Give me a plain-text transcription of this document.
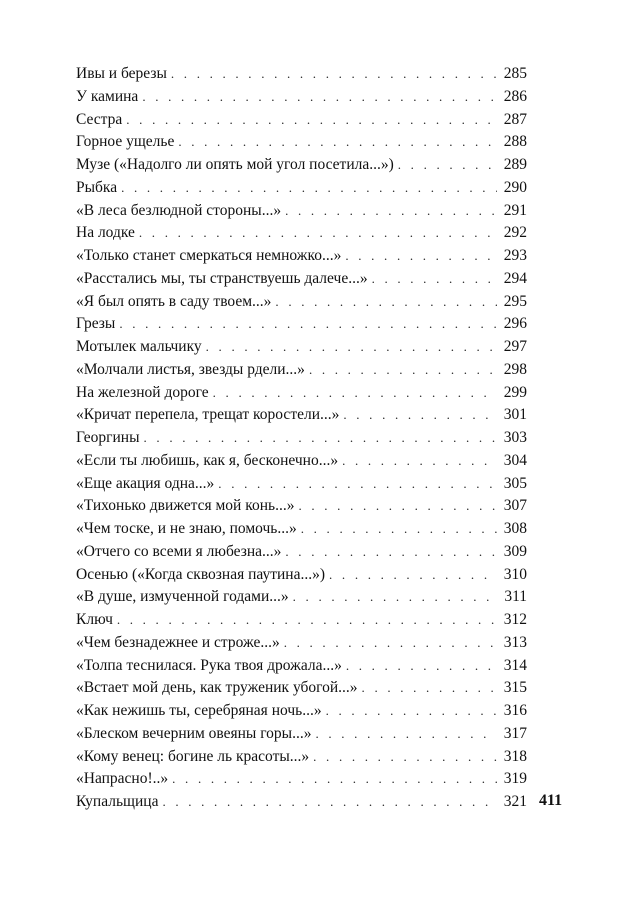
Ивы и березы . . .	285
У камина . . .	286
Сестра . . .	287
Горное ущелье . . .	288
Музе («Надолго ли опять мой угол посетила...») . . .	289
Рыбка . . .	290
«В леса безлюдной стороны...» . . .	291
На лодке . . .	292
«Только станет смеркаться немножко...» . . .	293
«Расстались мы, ты странствуешь далече...» . . .	294
«Я был опять в саду твоем...» . . .	295
Грезы . . .	296
Мотылек мальчику . . .	297
«Молчали листья, звезды рдели...» . . .	298
На железной дороге . . .	299
«Кричат перепела, трещат коростели...» . . .	301
Георгины . . .	303
«Если ты любишь, как я, бесконечно...» . . .	304
«Еще акация одна...» . . .	305
«Тихонько движется мой конь...» . . .	307
«Чем тоске, и не знаю, помочь...» . . .	308
«Отчего со всеми я любезна...» . . .	309
Осенью («Когда сквозная паутина...») . . .	310
«В душе, измученной годами...» . . .	311
Ключ . . .	312
«Чем безнадежнее и строже...» . . .	313
«Толпа теснилася. Рука твоя дрожала...» . . .	314
«Встает мой день, как труженик убогой...» . . .	315
«Как нежишь ты, серебряная ночь...» . . .	316
«Блеском вечерним овеяны горы...» . . .	317
«Кому венец: богине ль красоты...» . . .	318
«Напрасно!..» . . .	319
Купальщица . . .	321 411
